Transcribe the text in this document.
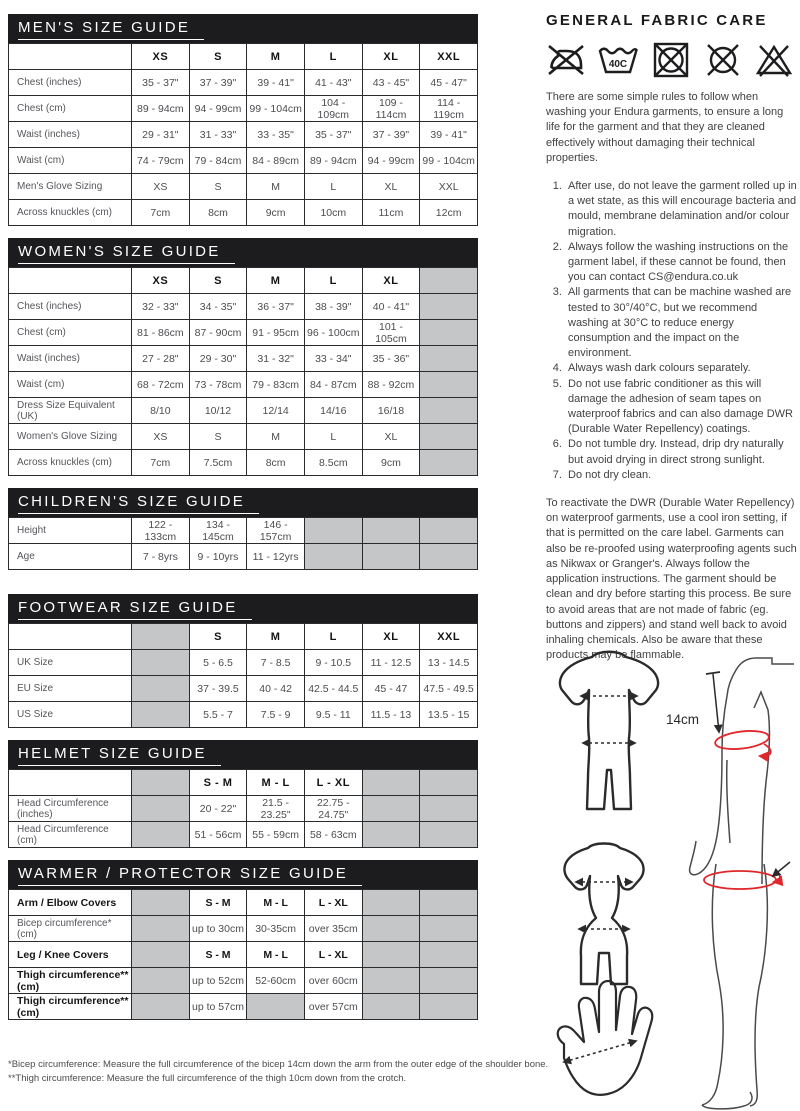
MEN'S SIZE GUIDE
	XS	S	M	L	XL	XXL
Chest (inches)	35 - 37"	37 - 39"	39 - 41"	41 - 43"	43 - 45"	45 - 47"
Chest (cm)	89 - 94cm	94 - 99cm	99 - 104cm	104 - 109cm	109 - 114cm	114 - 119cm
Waist (inches)	29 - 31"	31 - 33"	33 - 35"	35 - 37"	37 - 39"	39 - 41"
Waist (cm)	74 - 79cm	79 - 84cm	84 - 89cm	89 - 94cm	94 - 99cm	99 - 104cm
Men's Glove Sizing	XS	S	M	L	XL	XXL
Across knuckles (cm)	7cm	8cm	9cm	10cm	11cm	12cm
WOMEN'S SIZE GUIDE
	XS	S	M	L	XL	
Chest (inches)	32 - 33"	34 - 35"	36 - 37"	38 - 39"	40 - 41"	
Chest (cm)	81 - 86cm	87 - 90cm	91 - 95cm	96 - 100cm	101 - 105cm	
Waist (inches)	27 - 28"	29 - 30"	31 - 32"	33 - 34"	35 - 36"	
Waist (cm)	68 - 72cm	73 - 78cm	79 - 83cm	84 - 87cm	88 - 92cm	
Dress Size Equivalent (UK)	8/10	10/12	12/14	14/16	16/18	
Women's Glove Sizing	XS	S	M	L	XL	
Across knuckles (cm)	7cm	7.5cm	8cm	8.5cm	9cm	
CHILDREN'S SIZE GUIDE
Height	122 - 133cm	134 - 145cm	146 - 157cm			
Age	7 - 8yrs	9 - 10yrs	11 - 12yrs			
FOOTWEAR SIZE GUIDE
		S	M	L	XL	XXL
UK Size		5 - 6.5	7 - 8.5	9 - 10.5	11 - 12.5	13 - 14.5
EU Size		37 - 39.5	40 - 42	42.5 - 44.5	45 - 47	47.5 - 49.5
US Size		5.5 - 7	7.5 - 9	9.5 - 11	11.5 - 13	13.5 - 15
HELMET SIZE GUIDE
		S - M	M - L	L - XL		
Head Circumference (inches)		20 - 22"	21.5 - 23.25"	22.75 - 24.75"		
Head Circumference (cm)		51 - 56cm	55 - 59cm	58 - 63cm		
WARMER / PROTECTOR SIZE GUIDE
Arm / Elbow Covers		S - M	M - L	L - XL		
Bicep circumference* (cm)		up to 30cm	30-35cm	over 35cm		
Leg / Knee Covers		S - M	M - L	L - XL		
Thigh circumference** (cm)		up to 52cm	52-60cm	over 60cm		
Thigh circumference** (cm)		up to 57cm		over 57cm		

*Bicep circumference: Measure the full circumference of the bicep 14cm down the arm from the outer edge of the shoulder bone.

**Thigh circumference: Measure the full circumference of the thigh 10cm down from the crotch.

GENERAL FABRIC CARE
40C

There are some simple rules to follow when washing your Endura garments, to ensure a long life for the garment and that they are cleaned effectively without damaging their technical properties.

1. After use, do not leave the garment rolled up in a wet state, as this will encourage bacteria and mould, membrane delamination and/or colour migration.
2. Always follow the washing instructions on the garment label, if these cannot be found, then you can contact CS@endura.co.uk
3. All garments that can be machine washed are tested to 30°/40°C, but we recommend washing at 30°C to reduce energy consumption and the impact on the environment.
4. Always wash dark colours separately.
5. Do not use fabric conditioner as this will damage the adhesion of seam tapes on waterproof fabrics and can also damage DWR (Durable Water Repellency) coatings.
6. Do not tumble dry. Instead, drip dry naturally but avoid drying in direct strong sunlight.
7. Do not dry clean.

To reactivate the DWR (Durable Water Repellency) on waterproof garments, use a cool iron setting, if that is permitted on the care label. Garments can also be re-proofed using waterproofing agents such as Nikwax or Granger's. Always follow the application instructions. The garment should be clean and dry before starting this process. Be sure to avoid areas that are not made of fabric (eg. buttons and zippers) and stand well back to avoid inhaling chemicals. Also be aware that these products may be flammable.

14cm
